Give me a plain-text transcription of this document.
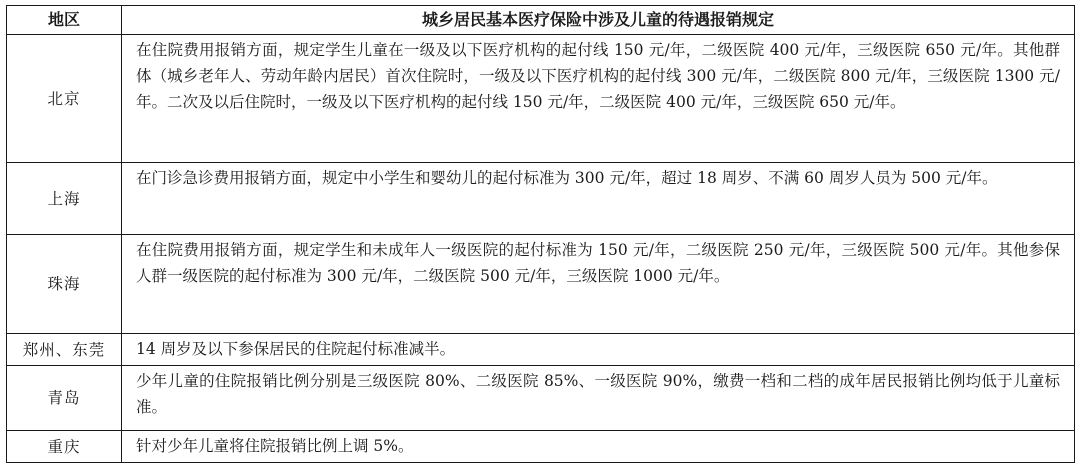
地区	城乡居民基本医疗保险中涉及儿童的待遇报销规定
北京	在住院费用报销方面，规定学生儿童在一级及以下医疗机构的起付线 150 元/年，二级医院 400 元/年，三级医院 650 元/年。其他群体（城乡老年人、劳动年龄内居民）首次住院时，一级及以下医疗机构的起付线 300 元/年，二级医院 800 元/年，三级医院 1300 元/年。二次及以后住院时，一级及以下医疗机构的起付线 150 元/年，二级医院 400 元/年，三级医院 650 元/年。
上海	在门诊急诊费用报销方面，规定中小学生和婴幼儿的起付标准为 300 元/年，超过 18 周岁、不满 60 周岁人员为 500 元/年。
珠海	在住院费用报销方面，规定学生和未成年人一级医院的起付标准为 150 元/年，二级医院 250 元/年，三级医院 500 元/年。其他参保人群一级医院的起付标准为 300 元/年，二级医院 500 元/年，三级医院 1000 元/年。
郑州、东莞	14 周岁及以下参保居民的住院起付标准减半。
青岛	少年儿童的住院报销比例分别是三级医院 80%、二级医院 85%、一级医院 90%，缴费一档和二档的成年居民报销比例均低于儿童标准。
重庆	针对少年儿童将住院报销比例上调 5%。
